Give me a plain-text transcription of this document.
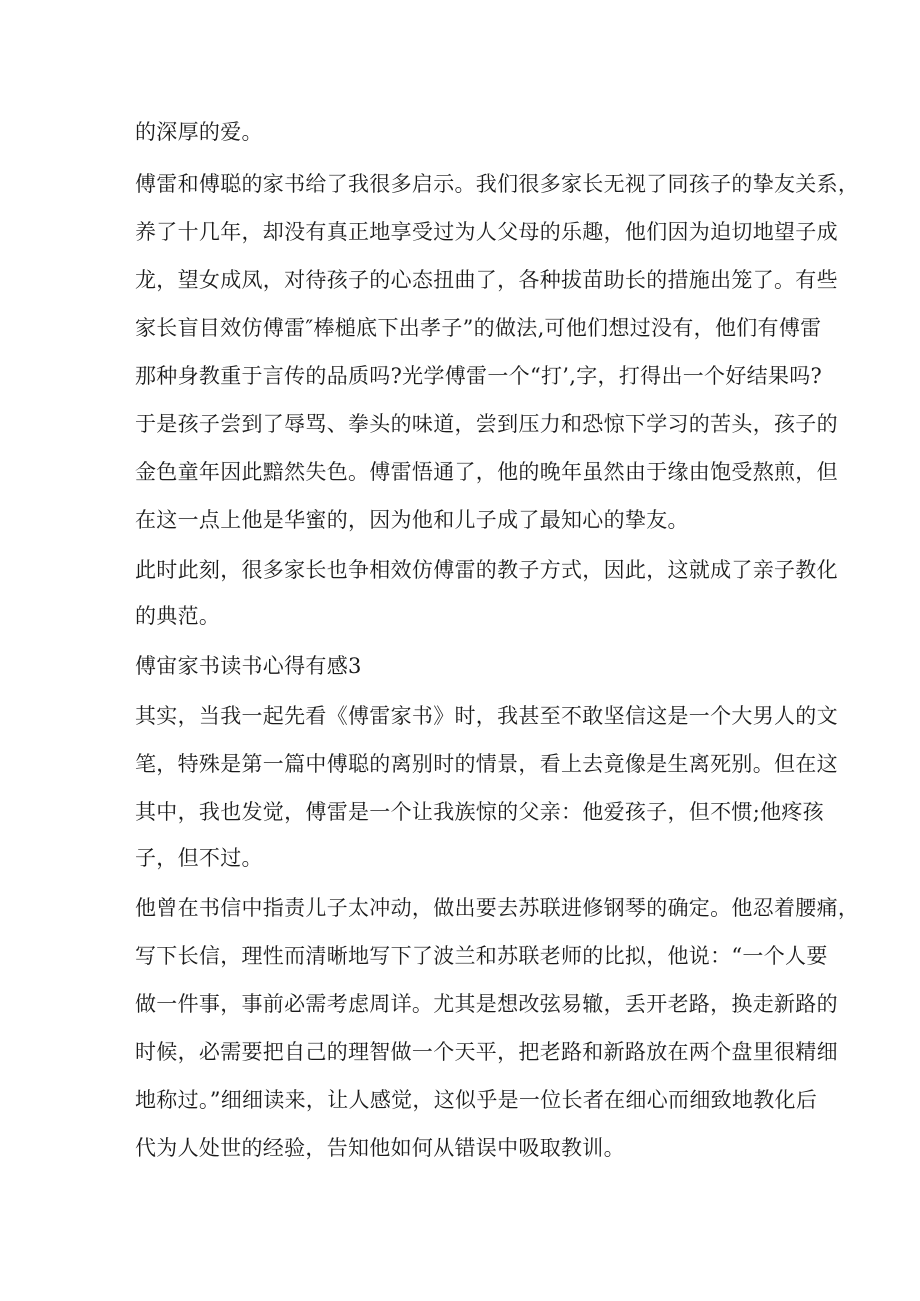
的深厚的爱。
傅雷和傅聪的家书给了我很多启示。我们很多家长无视了同孩子的挚友关系，
养了十几年，却没有真正地享受过为人父母的乐趣，他们因为迫切地望子成
龙，望女成凤，对待孩子的心态扭曲了，各种拔苗助长的措施出笼了。有些
家长盲目效仿傅雷″棒槌底下出孝子”的做法,可他们想过没有，他们有傅雷
那种身教重于言传的品质吗?光学傅雷一个“打’,字，打得出一个好结果吗?
于是孩子尝到了辱骂、拳头的味道，尝到压力和恐惊下学习的苦头，孩子的
金色童年因此黯然失色。傅雷悟通了，他的晚年虽然由于缘由饱受熬煎，但
在这一点上他是华蜜的，因为他和儿子成了最知心的挚友。
此时此刻，很多家长也争相效仿傅雷的教子方式，因此，这就成了亲子教化
的典范。
傅宙家书读书心得有感3
其实，当我一起先看《傅雷家书》时，我甚至不敢坚信这是一个大男人的文
笔，特殊是第一篇中傅聪的离别时的情景，看上去竟像是生离死别。但在这
其中，我也发觉，傅雷是一个让我族惊的父亲：他爱孩子，但不惯;他疼孩
子，但不过。
他曾在书信中指责儿子太冲动，做出要去苏联进修钢琴的确定。他忍着腰痛，
写下长信，理性而清晰地写下了波兰和苏联老师的比拟，他说：“一个人要
做一件事，事前必需考虑周详。尤其是想改弦易辙，丢开老路，换走新路的
时候，必需要把自己的理智做一个天平，把老路和新路放在两个盘里很精细
地称过。”细细读来，让人感觉，这似乎是一位长者在细心而细致地教化后
代为人处世的经验，告知他如何从错误中吸取教训。
